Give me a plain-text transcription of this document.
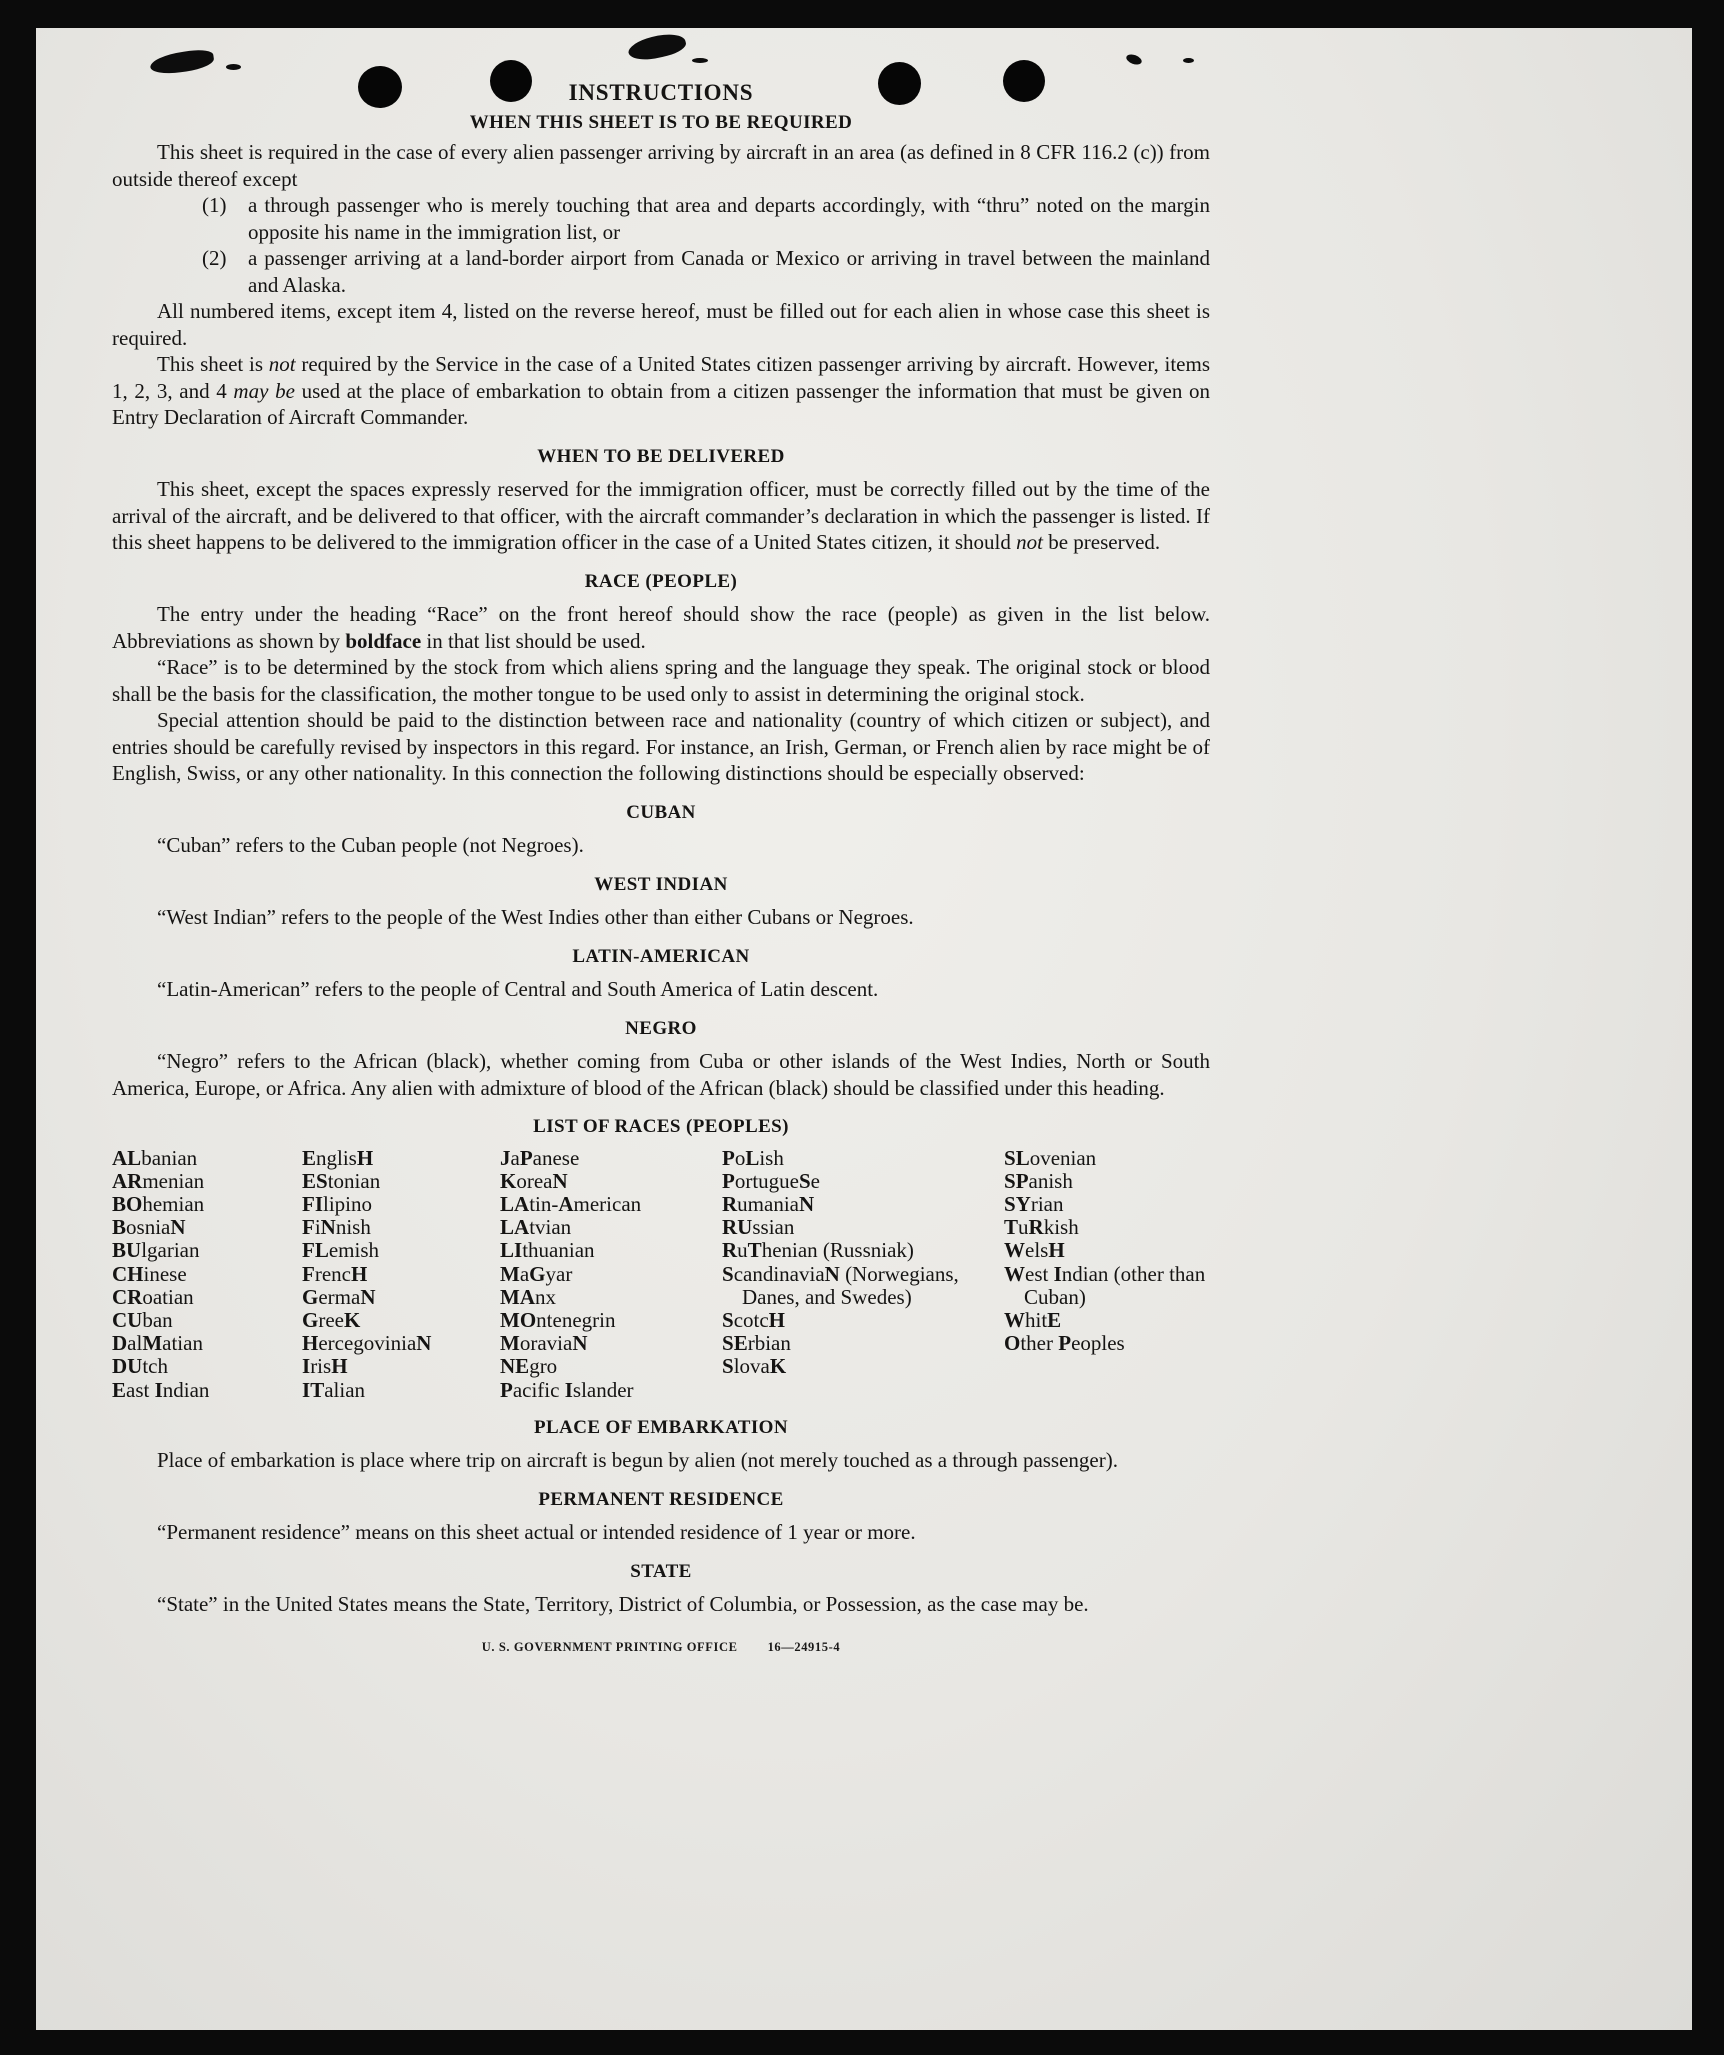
INSTRUCTIONS
WHEN THIS SHEET IS TO BE REQUIRED

This sheet is required in the case of every alien passenger arriving by aircraft in an area (as defined in 8 CFR 116.2 (c)) from outside thereof except

(1) a through passenger who is merely touching that area and departs accordingly, with “thru” noted on the margin opposite his name in the immigration list, or
(2) a passenger arriving at a land-border airport from Canada or Mexico or arriving in travel between the mainland and Alaska.

All numbered items, except item 4, listed on the reverse hereof, must be filled out for each alien in whose case this sheet is required.

This sheet is not required by the Service in the case of a United States citizen passenger arriving by aircraft. However, items 1, 2, 3, and 4 may be used at the place of embarkation to obtain from a citizen passenger the information that must be given on Entry Declaration of Aircraft Commander.

WHEN TO BE DELIVERED

This sheet, except the spaces expressly reserved for the immigration officer, must be correctly filled out by the time of the arrival of the aircraft, and be delivered to that officer, with the aircraft commander’s declaration in which the passenger is listed. If this sheet happens to be delivered to the immigration officer in the case of a United States citizen, it should not be preserved.

RACE (PEOPLE)

The entry under the heading “Race” on the front hereof should show the race (people) as given in the list below. Abbreviations as shown by boldface in that list should be used.

“Race” is to be determined by the stock from which aliens spring and the language they speak. The original stock or blood shall be the basis for the classification, the mother tongue to be used only to assist in determining the original stock.

Special attention should be paid to the distinction between race and nationality (country of which citizen or subject), and entries should be carefully revised by inspectors in this regard. For instance, an Irish, German, or French alien by race might be of English, Swiss, or any other nationality. In this connection the following distinctions should be especially observed:

CUBAN

“Cuban” refers to the Cuban people (not Negroes).

WEST INDIAN

“West Indian” refers to the people of the West Indies other than either Cubans or Negroes.

LATIN-AMERICAN

“Latin-American” refers to the people of Central and South America of Latin descent.

NEGRO

“Negro” refers to the African (black), whether coming from Cuba or other islands of the West Indies, North or South America, Europe, or Africa. Any alien with admixture of blood of the African (black) should be classified under this heading.

LIST OF RACES (PEOPLES)
ALbanian
ARmenian
BOhemian
BosniaN
BUlgarian
CHinese
CRoatian
CUban
DalMatian
DUtch
East Indian
EnglisH
EStonian
FIlipino
FiNnish
FLemish
FrencH
GermaN
GreeK
HercegoviniaN
IrisH
ITalian
JaPanese
KoreaN
LAtin-American
LAtvian
LIthuanian
MaGyar
MAnx
MOntenegrin
MoraviaN
NEgro
Pacific Islander
PoLish
PortugueSe
RumaniaN
RUssian
RuThenian (Russniak)
ScandinaviaN (Norwegians, Danes, and Swedes)
ScotcH
SErbian
SlovaK
SLovenian
SPanish
SYrian
TuRkish
WelsH
West Indian (other than Cuban)
WhitE
Other Peoples
PLACE OF EMBARKATION

Place of embarkation is place where trip on aircraft is begun by alien (not merely touched as a through passenger).

PERMANENT RESIDENCE

“Permanent residence” means on this sheet actual or intended residence of 1 year or more.

STATE

“State” in the United States means the State, Territory, District of Columbia, or Possession, as the case may be.

U. S. GOVERNMENT PRINTING OFFICE 16—24915-4
